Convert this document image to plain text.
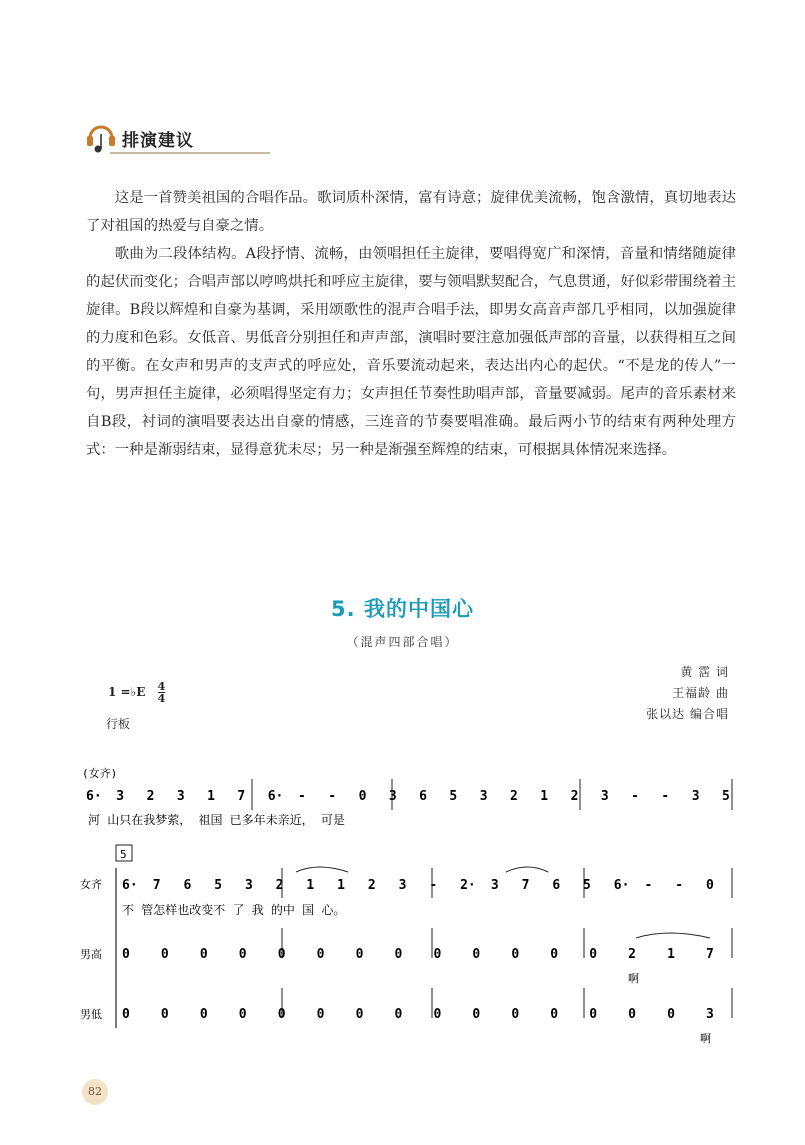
排演建议

这是一首赞美祖国的合唱作品。歌词质朴深情，富有诗意；旋律优美流畅，饱含激情，真切地表达了对祖国的热爱与自豪之情。

歌曲为二段体结构。A段抒情、流畅，由领唱担任主旋律，要唱得宽广和深情，音量和情绪随旋律的起伏而变化；合唱声部以哼鸣烘托和呼应主旋律，要与领唱默契配合，气息贯通，好似彩带围绕着主旋律。B段以辉煌和自豪为基调，采用颂歌性的混声合唱手法，即男女高音声部几乎相同，以加强旋律的力度和色彩。女低音、男低音分别担任和声声部，演唱时要注意加强低声部的音量，以获得相互之间的平衡。在女声和男声的支声式的呼应处，音乐要流动起来，表达出内心的起伏。“不是龙的传人”一句，男声担任主旋律，必须唱得坚定有力；女声担任节奏性助唱声部，音量要减弱。尾声的音乐素材来自B段，衬词的演唱要表达出自豪的情感，三连音的节奏要唱准确。最后两小节的结束有两种处理方式：一种是渐弱结束，显得意犹未尽；另一种是渐强至辉煌的结束，可根据具体情况来选择。

5. 我的中国心
（混声四部合唱）
黄 霑 词
王福龄 曲
张以达 编合唱
1 =♭E $\frac{4}{4}$
行板
(女齐)
6· 3 2 3 1 7 6· - - 0 3 6 5 3 2 1 2 3 - - 3 5
河 山只在我梦萦， 祖国 已多年未亲近， 可是
5
女齐
男高
男低
6· 7 6 5 3 2 1 1 2 3 - 2· 3 7 6 5 6· - - 0
不 管怎样也改变不 了 我 的中 国 心。
0 0 0 0 0 0 0 0 0 0 0 0 0 2 1 7
啊
0 0 0 0 0 0 0 0 0 0 0 0 0 0 0 3
啊
82
